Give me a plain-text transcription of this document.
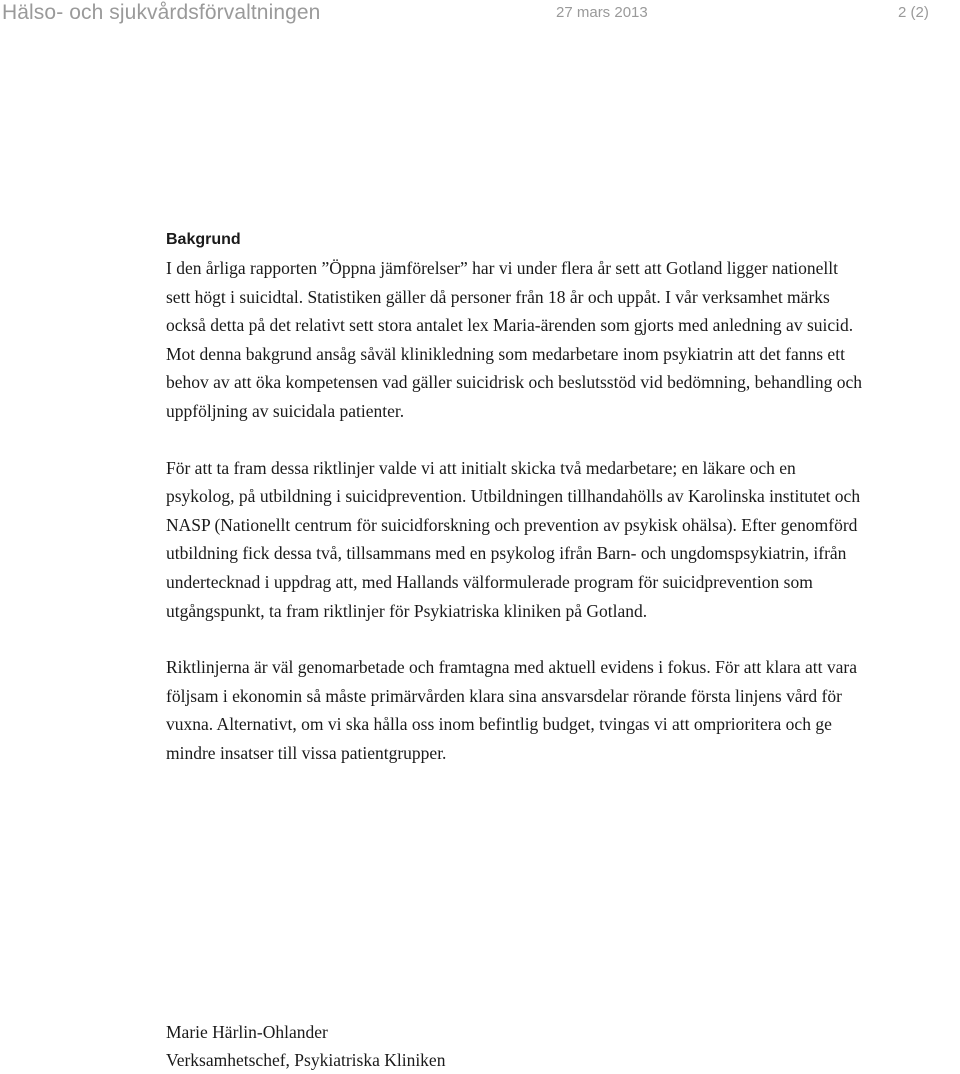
Hälso- och sjukvårdsförvaltningen	27 mars 2013	2 (2)
Bakgrund

I den årliga rapporten ”Öppna jämförelser” har vi under flera år sett att Gotland ligger nationellt sett högt i suicidtal. Statistiken gäller då personer från 18 år och uppåt. I vår verksamhet märks också detta på det relativt sett stora antalet lex Maria-ärenden som gjorts med anledning av suicid. Mot denna bakgrund ansåg såväl klinikledning som medarbetare inom psykiatrin att det fanns ett behov av att öka kompetensen vad gäller suicidrisk och beslutsstöd vid bedömning, behandling och uppföljning av suicidala patienter.

För att ta fram dessa riktlinjer valde vi att initialt skicka två medarbetare; en läkare och en psykolog, på utbildning i suicidprevention. Utbildningen tillhandahölls av Karolinska institutet och NASP (Nationellt centrum för suicidforskning och prevention av psykisk ohälsa). Efter genomförd utbildning fick dessa två, tillsammans med en psykolog ifrån Barn- och ungdomspsykiatrin, ifrån undertecknad i uppdrag att, med Hallands välformulerade program för suicidprevention som utgångspunkt, ta fram riktlinjer för Psykiatriska kliniken på Gotland.

Riktlinjerna är väl genomarbetade och framtagna med aktuell evidens i fokus. För att klara att vara följsam i ekonomin så måste primärvården klara sina ansvarsdelar rörande första linjens vård för vuxna. Alternativt, om vi ska hålla oss inom befintlig budget, tvingas vi att omprioritera och ge mindre insatser till vissa patientgrupper.

Marie Härlin-Ohlander
Verksamhetschef, Psykiatriska Kliniken
